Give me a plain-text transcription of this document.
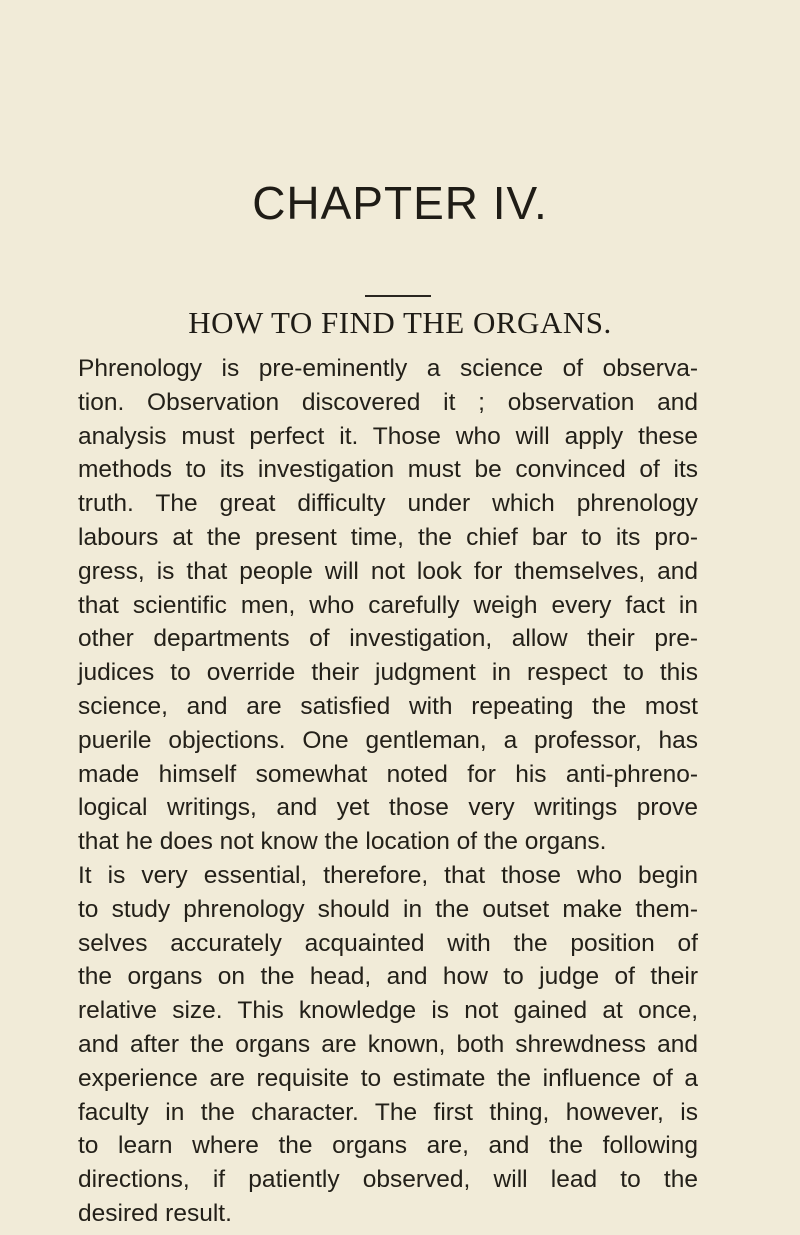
CHAPTER IV.
HOW TO FIND THE ORGANS.
Phrenology is pre-eminently a science of observa-
tion. Observation discovered it ; observation and
analysis must perfect it. Those who will apply these
methods to its investigation must be convinced of its
truth. The great difficulty under which phrenology
labours at the present time, the chief bar to its pro-
gress, is that people will not look for themselves, and
that scientific men, who carefully weigh every fact in
other departments of investigation, allow their pre-
judices to override their judgment in respect to this
science, and are satisfied with repeating the most
puerile objections. One gentleman, a professor, has
made himself somewhat noted for his anti-phreno-
logical writings, and yet those very writings prove
that he does not know the location of the organs.
It is very essential, therefore, that those who begin
to study phrenology should in the outset make them-
selves accurately acquainted with the position of
the organs on the head, and how to judge of their
relative size. This knowledge is not gained at once,
and after the organs are known, both shrewdness and
experience are requisite to estimate the influence of a
faculty in the character. The first thing, however, is
to learn where the organs are, and the following
directions, if patiently observed, will lead to the
desired result.
